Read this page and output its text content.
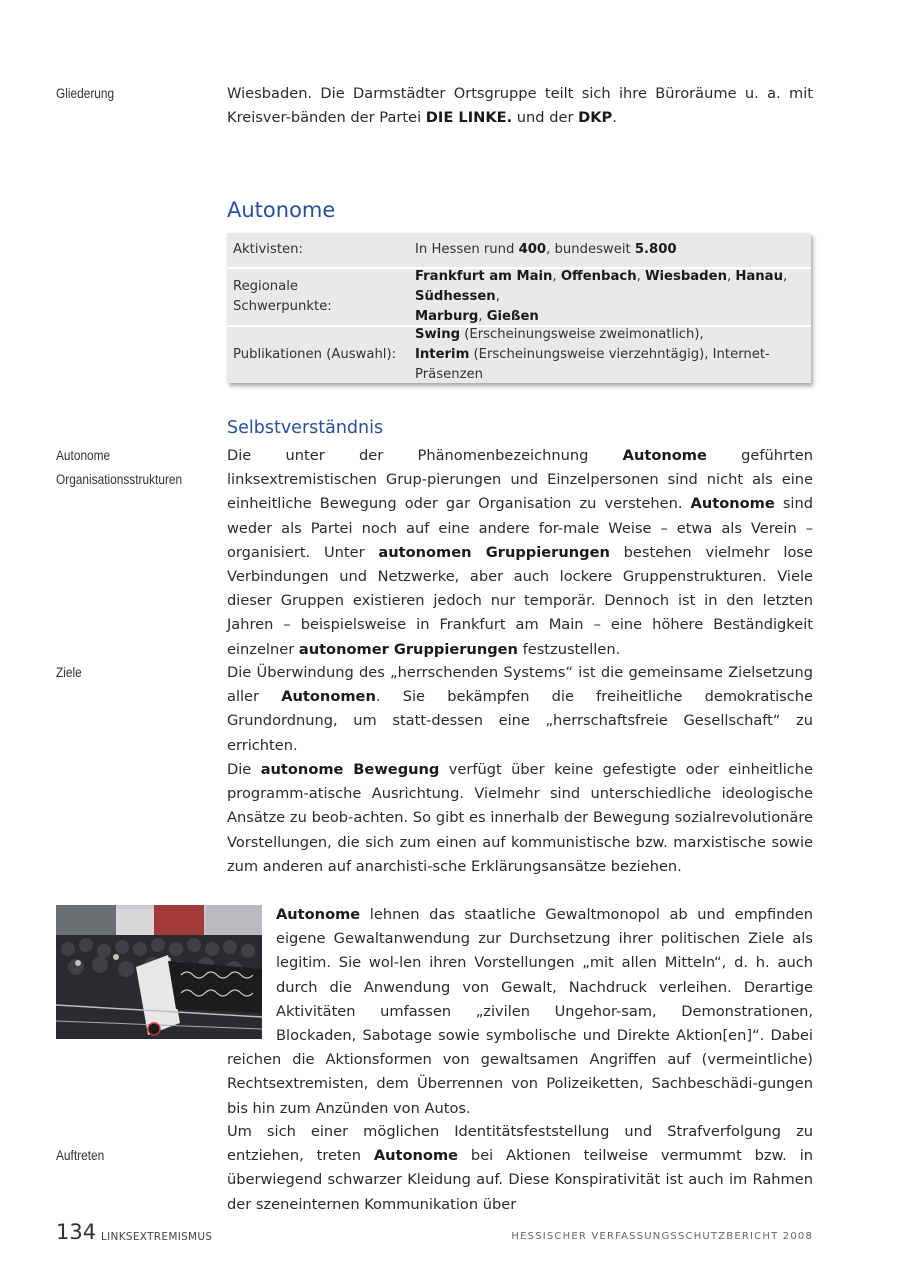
Gliederung
Autonome
Organisationsstrukturen
Ziele
Auftreten
Wiesbaden. Die Darmstädter Ortsgruppe teilt sich ihre Büroräume u. a. mit Kreisver-bänden der Partei DIE LINKE. und der DKP.
Autonome
Aktivisten:	In Hessen rund 400, bundesweit 5.800
Regionale
Schwerpunkte:
Frankfurt am Main, Offenbach, Wiesbaden, Hanau, Südhessen,
Marburg, Gießen
Publikationen (Auswahl):
Swing (Erscheinungsweise zweimonatlich),
Interim (Erscheinungsweise vierzehntägig), Internet-Präsenzen
Selbstverständnis
Die unter der Phänomenbezeichnung Autonome geführten linksextremistischen Grup-pierungen und Einzelpersonen sind nicht als eine einheitliche Bewegung oder gar Organisation zu verstehen. Autonome sind weder als Partei noch auf eine andere for-male Weise – etwa als Verein – organisiert. Unter autonomen Gruppierungen bestehen vielmehr lose Verbindungen und Netzwerke, aber auch lockere Gruppenstrukturen. Viele dieser Gruppen existieren jedoch nur temporär. Dennoch ist in den letzten Jahren – beispielsweise in Frankfurt am Main – eine höhere Beständigkeit einzelner autonomer Gruppierungen festzustellen.
Die Überwindung des „herrschenden Systems“ ist die gemeinsame Zielsetzung aller Autonomen. Sie bekämpfen die freiheitliche demokratische Grundordnung, um statt-dessen eine „herrschaftsfreie Gesellschaft“ zu errichten.
Die autonome Bewegung verfügt über keine gefestigte oder einheitliche programm-atische Ausrichtung. Vielmehr sind unterschiedliche ideologische Ansätze zu beob-achten. So gibt es innerhalb der Bewegung sozialrevolutionäre Vorstellungen, die sich zum einen auf kommunistische bzw. marxistische sowie zum anderen auf anarchisti-sche Erklärungsansätze beziehen.
Autonome lehnen das staatliche Gewaltmonopol ab und empfinden eigene Gewaltanwendung zur Durchsetzung ihrer politischen Ziele als legitim. Sie wol-len ihren Vorstellungen „mit allen Mitteln“, d. h. auch durch die Anwendung von Gewalt, Nachdruck verleihen. Derartige Aktivitäten umfassen „zivilen Ungehor-sam, Demonstrationen, Blockaden, Sabotage sowie symbolische und Direkte Aktion[en]“. Dabei reichen die Aktionsformen von gewaltsamen Angriffen auf (vermeintliche) Rechtsextremisten, dem Überrennen von Polizeiketten, Sachbeschädi-gungen bis hin zum Anzünden von Autos.
Um sich einer möglichen Identitätsfeststellung und Strafverfolgung zu entziehen, treten Autonome bei Aktionen teilweise vermummt bzw. in überwiegend schwarzer Kleidung auf. Diese Konspirativität ist auch im Rahmen der szeneinternen Kommunikation über
134 LINKSEXTREMISMUS	HESSISCHER VERFASSUNGSSCHUTZBERICHT 2008
